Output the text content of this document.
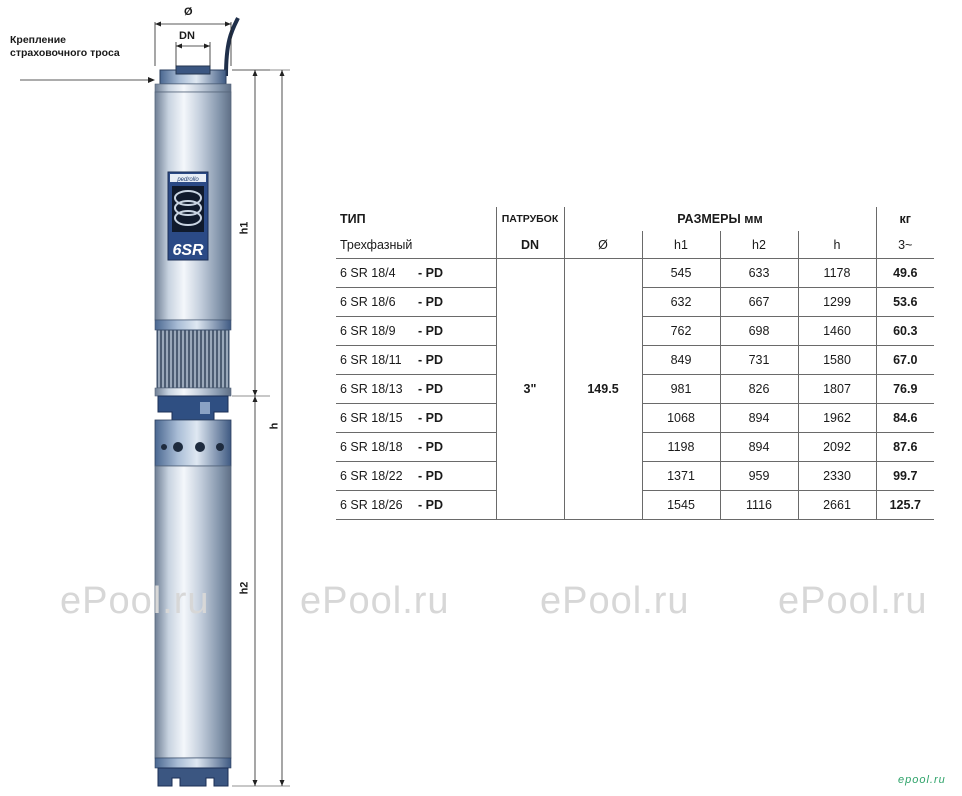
pedrollo
6SR
Крепление страховочного троса
Ø
DN
h1
h2
h
ТИП	ПАТРУБОК	РАЗМЕРЫ мм				кг
Трехфазный	DN	Ø	h1	h2	h	3~
6 SR 18/4 - PD	3"	149.5	545	633	1178	49.6
6 SR 18/6 - PD			632	667	1299	53.6
6 SR 18/9 - PD			762	698	1460	60.3
6 SR 18/11 - PD			849	731	1580	67.0
6 SR 18/13 - PD			981	826	1807	76.9
6 SR 18/15 - PD			1068	894	1962	84.6
6 SR 18/18 - PD			1198	894	2092	87.6
6 SR 18/22 - PD			1371	959	2330	99.7
6 SR 18/26 - PD			1545	1116	2661	125.7
ePool.ru ePool.ru ePool.ru ePool.ru
epool.ru
